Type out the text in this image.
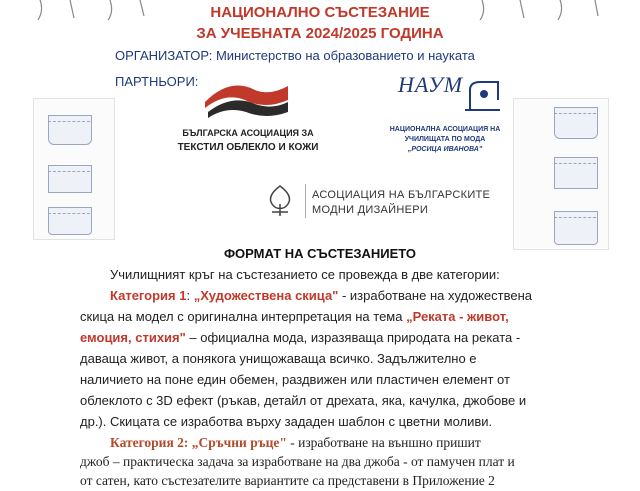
НАЦИОНАЛНО СЪСТЕЗАНИЕ
ЗА УЧЕБНАТА 2024/2025 ГОДИНА
ОРГАНИЗАТОР: Министерство на образованието и науката
ПАРТНЬОРИ:
БЪЛГАРСКА АСОЦИАЦИЯ ЗА
ТЕКСТИЛ ОБЛЕКЛО И КОЖИ
НАУМ
НАЦИОНАЛНА АСОЦИАЦИЯ НА
УЧИЛИЩАТА ПО МОДА
„РОСИЦА ИВАНОВА"
АСОЦИАЦИЯ НА БЪЛГАРСКИТЕ
МОДНИ ДИЗАЙНЕРИ
ФОРМАТ НА СЪСТЕЗАНИЕТО
Училищният кръг на състезанието се провежда в две категории:
Категория 1: „Художествена скица" - изработване на художествена
скица на модел с оригинална интерпретация на тема „Реката - живот,
емоция, стихия" – официална мода, изразяваща природата на реката -
даваща живот, а понякога унищожаваща всичко. Задължително е
наличието на поне един обемен, раздвижен или пластичен елемент от
облеклото с 3D ефект (ръкав, детайл от дрехата, яка, качулка, джобове и
др.). Скицата се изработва върху зададен шаблон с цветни моливи.
Категория 2: „Сръчни ръце" - изработване на външно пришит
джоб – практическа задача за изработване на два джоба - от памучен плат и
от сатен, като състезателите вариантите са представени в Приложение 2
